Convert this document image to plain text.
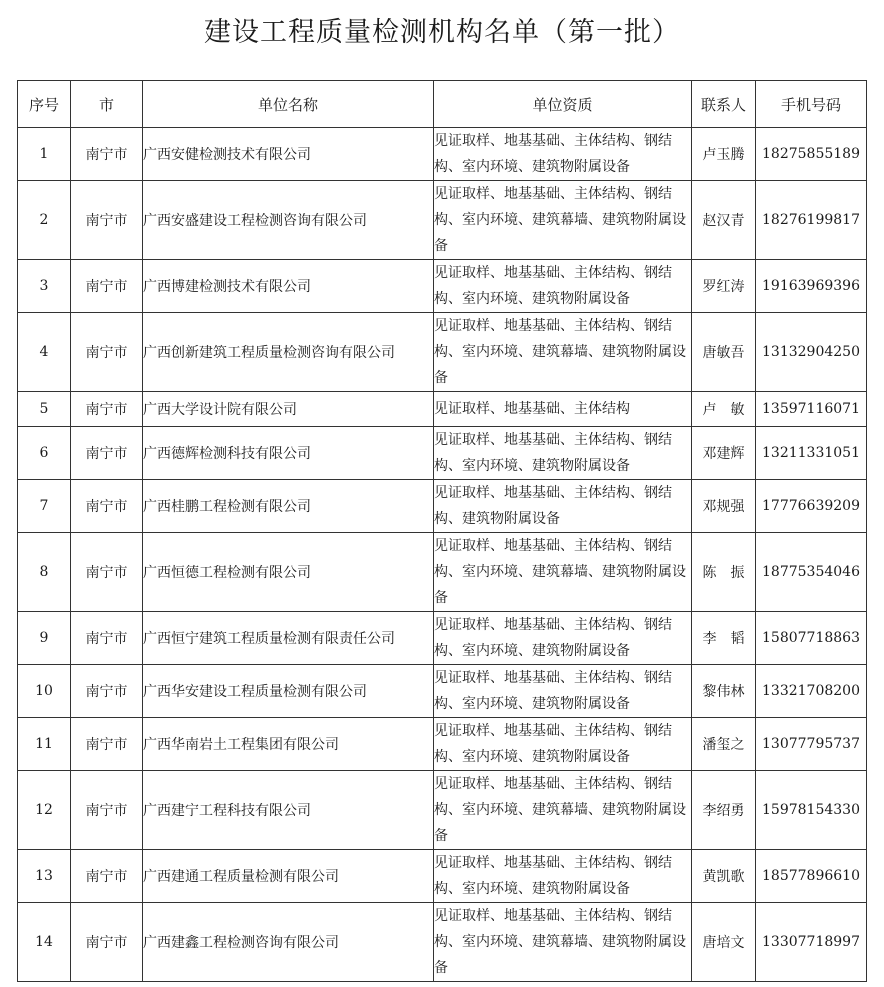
建设工程质量检测机构名单（第一批）
序号	市	单位名称	单位资质	联系人	手机号码
1	南宁市	广西安健检测技术有限公司	见证取样、地基基础、主体结构、钢结构、室内环境、建筑物附属设备	卢玉腾	18275855189
2	南宁市	广西安盛建设工程检测咨询有限公司	见证取样、地基基础、主体结构、钢结构、室内环境、建筑幕墙、建筑物附属设备	赵汉青	18276199817
3	南宁市	广西博建检测技术有限公司	见证取样、地基基础、主体结构、钢结构、室内环境、建筑物附属设备	罗红涛	19163969396
4	南宁市	广西创新建筑工程质量检测咨询有限公司	见证取样、地基基础、主体结构、钢结构、室内环境、建筑幕墙、建筑物附属设备	唐敏吾	13132904250
5	南宁市	广西大学设计院有限公司	见证取样、地基基础、主体结构	卢　敏	13597116071
6	南宁市	广西德辉检测科技有限公司	见证取样、地基基础、主体结构、钢结构、室内环境、建筑物附属设备	邓建辉	13211331051
7	南宁市	广西桂鹏工程检测有限公司	见证取样、地基基础、主体结构、钢结构、建筑物附属设备	邓规强	17776639209
8	南宁市	广西恒德工程检测有限公司	见证取样、地基基础、主体结构、钢结构、室内环境、建筑幕墙、建筑物附属设备	陈　振	18775354046
9	南宁市	广西恒宁建筑工程质量检测有限责任公司	见证取样、地基基础、主体结构、钢结构、室内环境、建筑物附属设备	李　韬	15807718863
10	南宁市	广西华安建设工程质量检测有限公司	见证取样、地基基础、主体结构、钢结构、室内环境、建筑物附属设备	黎伟林	13321708200
11	南宁市	广西华南岩土工程集团有限公司	见证取样、地基基础、主体结构、钢结构、室内环境、建筑物附属设备	潘玺之	13077795737
12	南宁市	广西建宁工程科技有限公司	见证取样、地基基础、主体结构、钢结构、室内环境、建筑幕墙、建筑物附属设备	李绍勇	15978154330
13	南宁市	广西建通工程质量检测有限公司	见证取样、地基基础、主体结构、钢结构、室内环境、建筑物附属设备	黄凯歌	18577896610
14	南宁市	广西建鑫工程检测咨询有限公司	见证取样、地基基础、主体结构、钢结构、室内环境、建筑幕墙、建筑物附属设备	唐培文	13307718997
